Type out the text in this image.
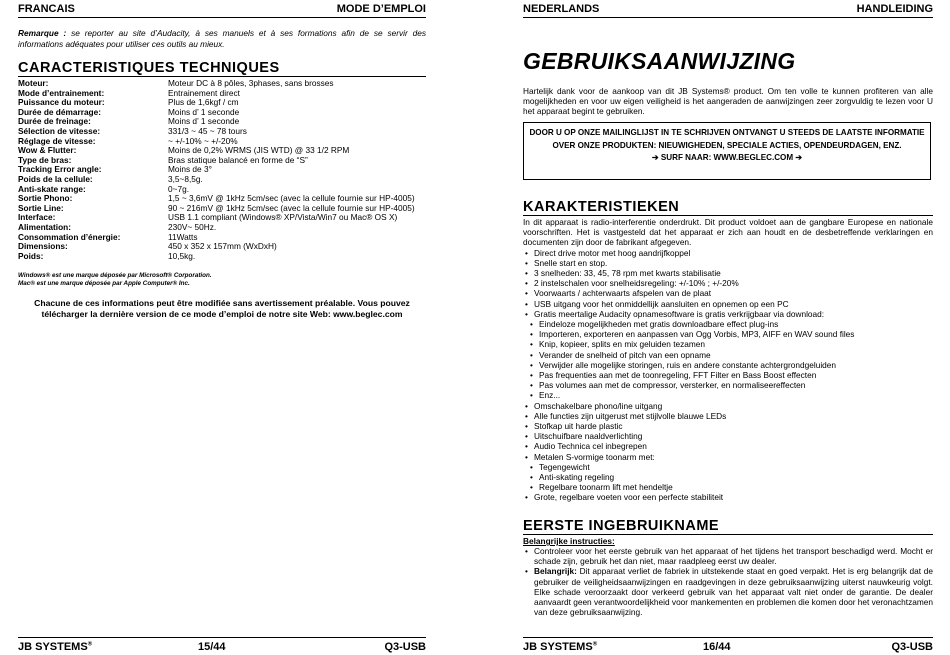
FRANCAIS	MODE D’EMPLOI
Remarque : se reporter au site d’Audacity, à ses manuels et à ses formations afin de se servir des informations adéquates pour utiliser ces outils au mieux.
CARACTERISTIQUES TECHNIQUES
Moteur:	Moteur DC à 8 pôles, 3phases, sans brosses
Mode d’entrainement:	Entrainement direct
Puissance du moteur:	Plus de 1,6kgf / cm
Durée de démarrage:	Moins d’ 1 seconde
Durée de freinage:	Moins d’ 1 seconde
Sélection de vitesse:	331/3 ~ 45 ~ 78 tours
Réglage de vitesse:	~ +/-10% ~ +/-20%
Wow & Flutter:	Moins de 0,2% WRMS (JIS WTD) @ 33 1/2 RPM
Type de bras:	Bras statique balancé en forme de “S”
Tracking Error angle:	Moins de 3°
Poids de la cellule:	3,5~8,5g.
Anti-skate range:	0~7g.
Sortie Phono:	1,5 ~ 3,6mV @ 1kHz 5cm/sec (avec la cellule fournie sur HP-4005)
Sortie Line:	90 ~ 216mV @ 1kHz 5cm/sec (avec la cellule fournie sur HP-4005)
Interface:	USB 1.1 compliant (Windows® XP/Vista/Win7 ou Mac® OS X)
Alimentation:	230V~ 50Hz.
Consommation d’énergie:	11Watts
Dimensions:	450 x 352 x 157mm (WxDxH)
Poids:	10,5kg.
Windows® est une marque déposée par Microsoft® Corporation.
Mac® est une marque déposée par Apple Computer® Inc.
Chacune de ces informations peut être modifiée sans avertissement préalable. Vous pouvez télécharger la dernière version de ce mode d’emploi de notre site Web: www.beglec.com
JB SYSTEMS®	15/44	Q3-USB
NEDERLANDS	HANDLEIDING
GEBRUIKSAANWIJZING
Hartelijk dank voor de aankoop van dit JB Systems® product. Om ten volle te kunnen profiteren van alle mogelijkheden en voor uw eigen veiligheid is het aangeraden de aanwijzingen zeer zorgvuldig te lezen voor U het apparaat begint te gebruiken.
DOOR U OP ONZE MAILINGLIJST IN TE SCHRIJVEN ONTVANGT U STEEDS DE LAATSTE INFORMATIE OVER ONZE PRODUKTEN: NIEUWIGHEDEN, SPECIALE ACTIES, OPENDEURDAGEN, ENZ.
➔ SURF NAAR: WWW.BEGLEC.COM ➔
KARAKTERISTIEKEN
In dit apparaat is radio-interferentie onderdrukt. Dit product voldoet aan de gangbare Europese en nationale voorschriften. Het is vastgesteld dat het apparaat er zich aan houdt en de desbetreffende verklaringen en documenten zijn door de fabrikant afgegeven.
• Direct drive motor met hoog aandrijfkoppel
• Snelle start en stop.
• 3 snelheden: 33, 45, 78 rpm met kwarts stabilisatie
• 2 instelschalen voor snelheidsregeling: +/-10% ; +/-20%
• Voorwaarts / achterwaarts afspelen van de plaat
• USB uitgang voor het onmiddellijk aansluiten en opnemen op een PC
• Gratis meertalige Audacity opnamesoftware is gratis verkrijgbaar via download:
• Eindeloze mogelijkheden met gratis downloadbare effect plug-ins
• Importeren, exporteren en aanpassen van Ogg Vorbis, MP3, AIFF en WAV sound files
• Knip, kopieer, splits en mix geluiden tezamen
• Verander de snelheid of pitch van een opname
• Verwijder alle mogelijke storingen, ruis en andere constante achtergrondgeluiden
• Pas frequenties aan met de toonregeling, FFT Filter en Bass Boost effecten
• Pas volumes aan met de compressor, versterker, en normaliseereffecten
• Enz...
• Omschakelbare phono/line uitgang
• Alle functies zijn uitgerust met stijlvolle blauwe LEDs
• Stofkap uit harde plastic
• Uitschuifbare naaldverlichting
• Audio Technica cel inbegrepen
• Metalen S-vormige toonarm met:
• Tegengewicht
• Anti-skating regeling
• Regelbare toonarm lift met hendeltje
• Grote, regelbare voeten voor een perfecte stabiliteit
EERSTE INGEBRUIKNAME
Belangrijke instructies:
• Controleer voor het eerste gebruik van het apparaat of het tijdens het transport beschadigd werd. Mocht er schade zijn, gebruik het dan niet, maar raadpleeg eerst uw dealer.
• Belangrijk: Dit apparaat verliet de fabriek in uitstekende staat en goed verpakt. Het is erg belangrijk dat de gebruiker de veiligheidsaanwijzingen en raadgevingen in deze gebruiksaanwijzing uiterst nauwkeurig volgt. Elke schade veroorzaakt door verkeerd gebruik van het apparaat valt niet onder de garantie. De dealer aanvaardt geen verantwoordelijkheid voor mankementen en problemen die komen door het veronachtzamen van deze gebruiksaanwijzing.
JB SYSTEMS®	16/44	Q3-USB
